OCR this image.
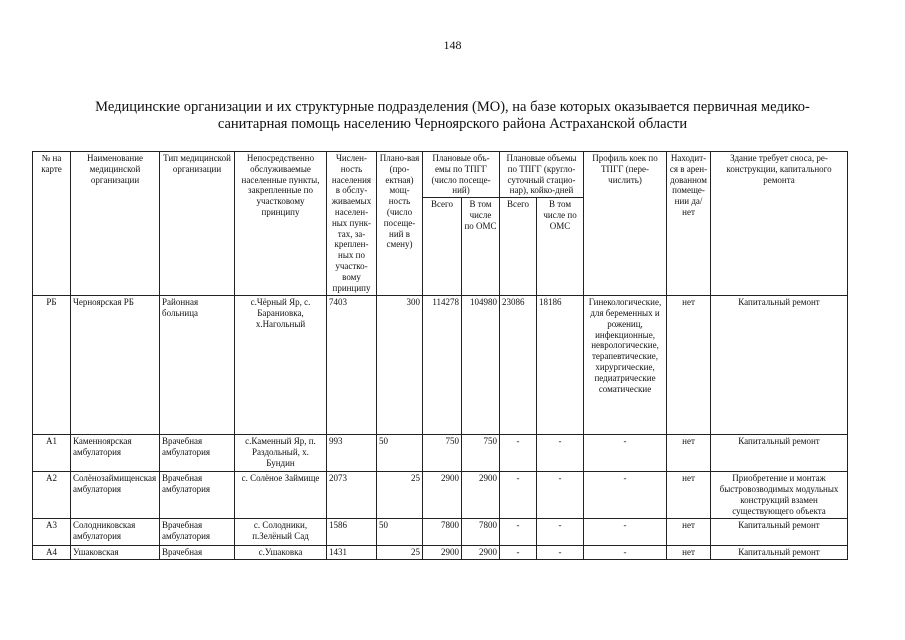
148
Медицинские организации и их структурные подразделения (МО), на базе которых оказывается первичная медико-
санитарная помощь населению Черноярского района Астраханской области
№ на карте	Наименование медицинской организации	Тип медицинской организации	Непосредственно обслуживаемые населенные пункты, закрепленные по участковому принципу	Числен-ность населения в обслу-живаемых населен-ных пунк-тах, за-креплен-ных по участко-вому принципу	Плано-вая (про-ектная) мощ-ность (число посеще-ний в смену)	Плановые объ-емы по ТПГГ (число посеще-ний)		Плановые объемы по ТПГГ (кругло-суточный стацио-нар), койко-дней		Профиль коек по ТПГГ (пере-числить)	Находит-ся в арен-дованном помеще-нии да/нет	Здание требует сноса, ре-конструкции, капитального ремонта
						Всего	В том числе по ОМС	Всего	В том числе по ОМС			
РБ	Черноярская РБ	Районная больница	с.Чёрный Яр, с. Бараниовка, х.Нагольный	7403	300	114278	104980	23086	18186	Гинекологические, для беременных и рожениц, инфекционные, неврологические, терапевтические, хирургические, педиатрические соматические	нет	Капитальный ремонт
А1	Каменноярская амбулатория	Врачебная амбулатория	с.Каменный Яр, п. Раздольный, х. Бундин	993	50	750	750	-	-	-	нет	Капитальный ремонт
А2	Солёнозаймищенская амбулатория	Врачебная амбулатория	с. Солёное Займище	2073	25	2900	2900	-	-	-	нет	Приобретение и монтаж быстровозводимых модульных конструкций взамен существующего объекта
А3	Солодниковская амбулатория	Врачебная амбулатория	с. Солодники, п.Зелёный Сад	1586	50	7800	7800	-	-	-	нет	Капитальный ремонт
А4	Ушаковская	Врачебная	с.Ушаковка	1431	25	2900	2900	-	-	-	нет	Капитальный ремонт
